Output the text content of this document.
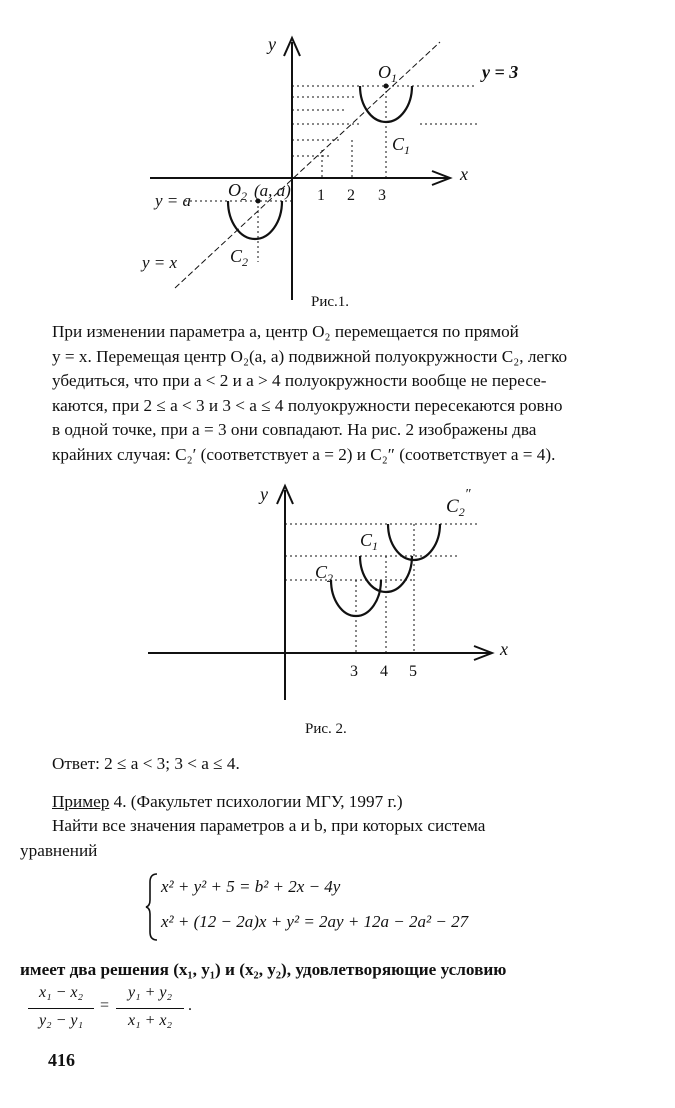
y
x
y = 3
$O_1$
$C_1$
$O_2$ (a, a)
y = a
y = x	$C_2$
1 2 3
Рис.1.
При изменении параметра a, центр O₂ перемещается по прямой
y = x. Перемещая центр O₂(a, a) подвижной полуокружности C₂, легко
убедиться, что при a < 2 и a > 4 полуокружности вообще не пересе-
каются, при 2 ≤ a < 3 и 3 < a ≤ 4 полуокружности пересекаются ровно
в одной точке, при a = 3 они совпадают. На рис. 2 изображены два
крайних случая: C₂′ (соответствует a = 2) и C₂″ (соответствует a = 4).
y
x
$C_2''$
$C_1$
$C_2$
3 4 5
Рис. 2.
Ответ: 2 ≤ a < 3; 3 < a ≤ 4.
Пример 4. (Факультет психологии МГУ, 1997 г.)
Найти все значения параметров a и b, при которых система
уравнений
x² + y² + 5 = b² + 2x − 4y
x² + (12 − 2a)x + y² = 2ay + 12a − 2a² − 27
имеет два решения (x₁, y₁) и (x₂, y₂), удовлетворяющие условию
x₁ − x₂
y₂ − y₁
=
y₁ + y₂
x₁ + x₂
.
416
